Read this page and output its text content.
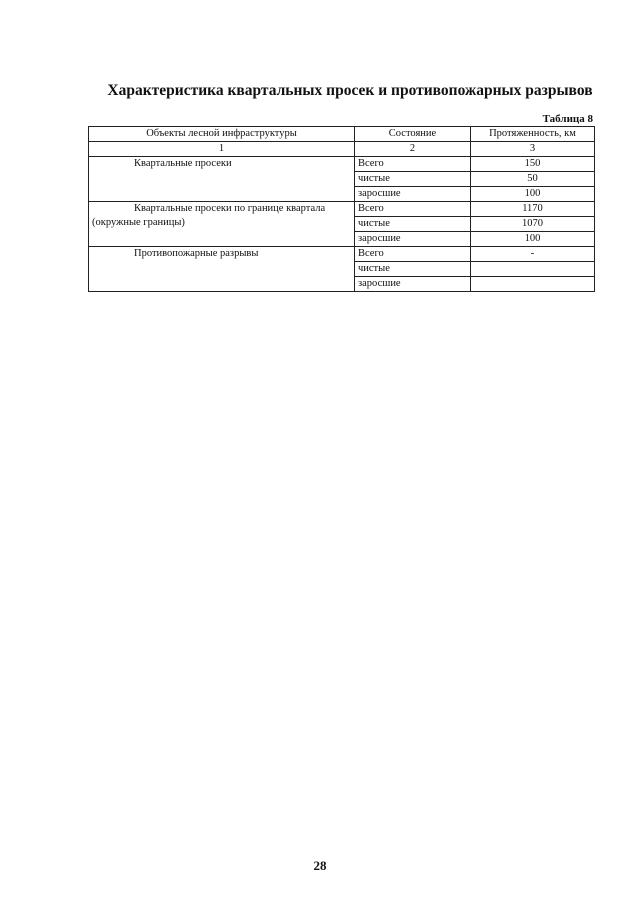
Характеристика квартальных просек и противопожарных разрывов
Таблица 8
Объекты лесной инфраструктуры	Состояние	Протяженность, км
1	2	3
Квартальные просеки	Всего	150
	чистые	50
	заросшие	100
Квартальные просеки по границе квартала
(окружные границы)	Всего	1170
	чистые	1070
	заросшие	100
Противопожарные разрывы	Всего	-
	чистые	
	заросшие	
28
